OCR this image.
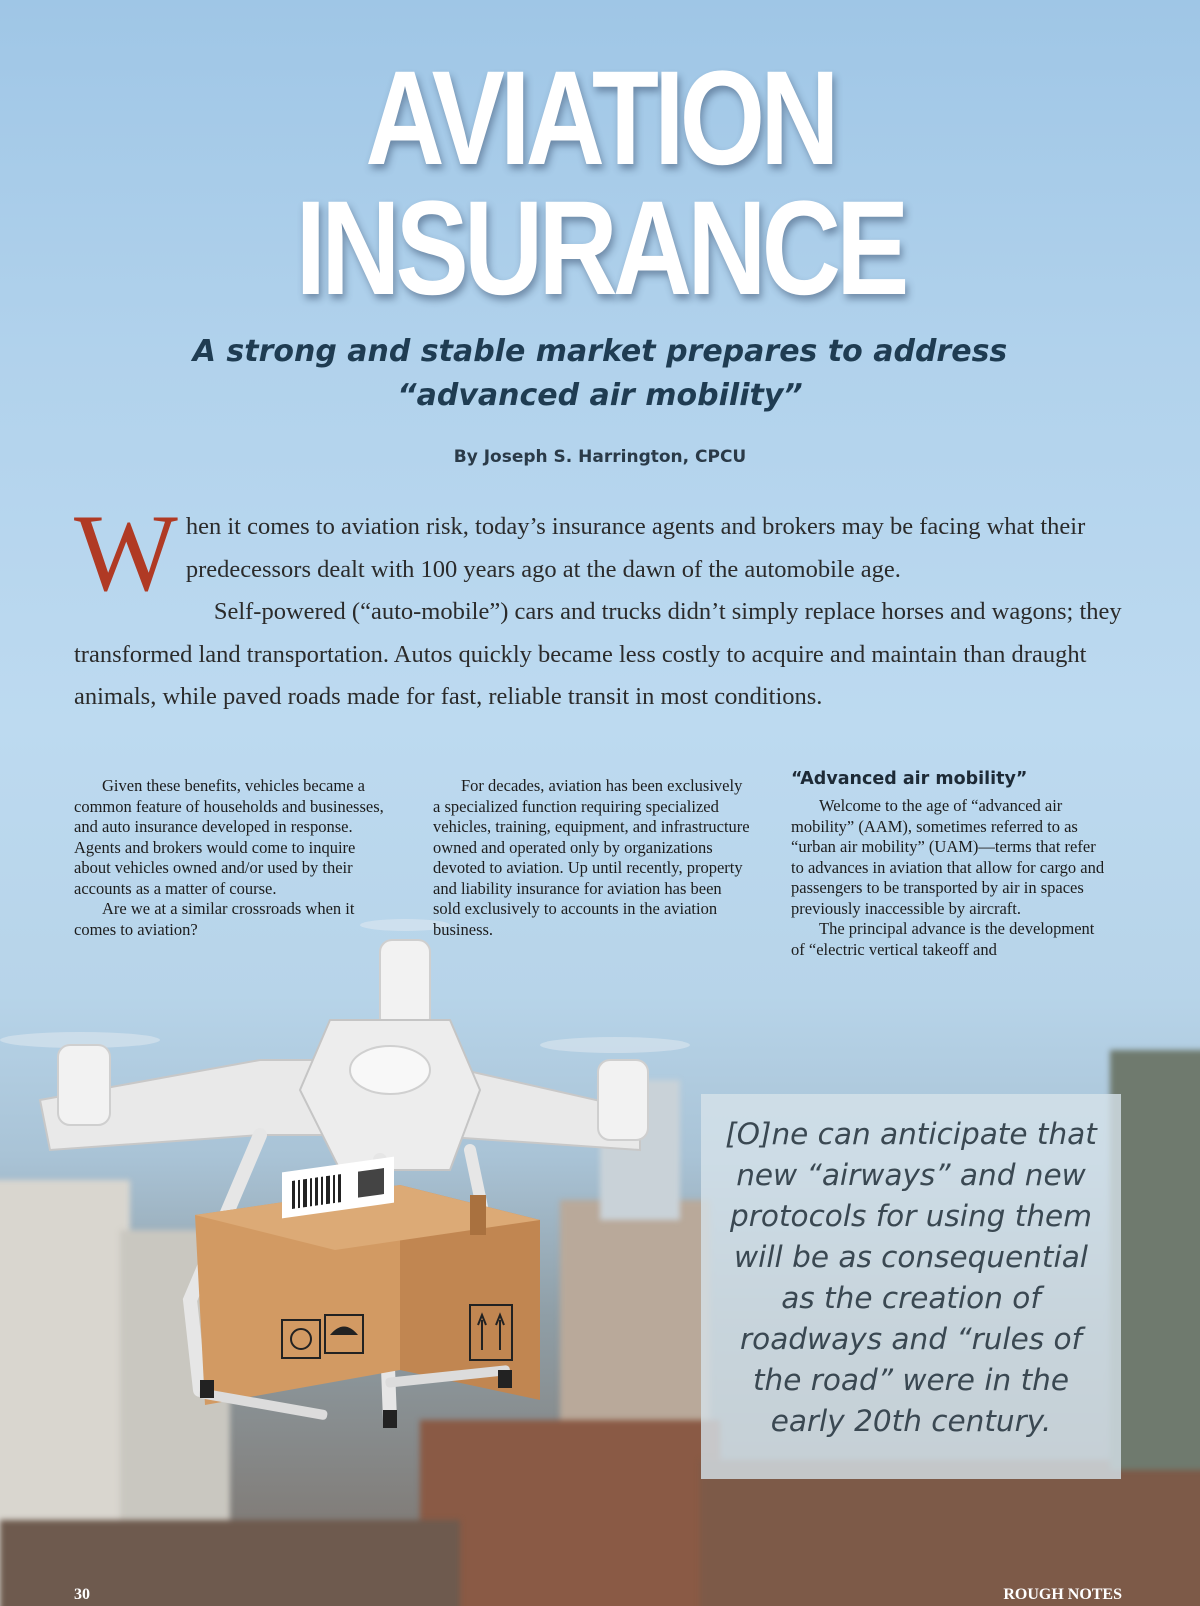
AVIATION
INSURANCE
A strong and stable market prepares to address “advanced air mobility”
By Joseph S. Harrington, CPCU

When it comes to aviation risk, today’s insurance agents and brokers may be facing what their predecessors dealt with 100 years ago at the dawn of the automobile age.

Self-powered (“auto-mobile”) cars and trucks didn’t simply replace horses and wagons; they transformed land transportation. Autos quickly became less costly to acquire and maintain than draught animals, while paved roads made for fast, reliable transit in most conditions.

Given these benefits, vehicles became a common feature of households and businesses, and auto insurance developed in response. Agents and brokers would come to inquire about vehicles owned and/or used by their accounts as a matter of course.

Are we at a similar crossroads when it comes to aviation?

For decades, aviation has been exclusively a specialized function requiring specialized vehicles, training, equipment, and infrastructure owned and operated only by organizations devoted to aviation. Up until recently, property and liability insurance for aviation has been sold exclusively to accounts in the aviation business.

“Advanced air mobility”

Welcome to the age of “advanced air mobility” (AAM), sometimes referred to as “urban air mobility” (UAM)—terms that refer to advances in aviation that allow for cargo and passengers to be transported by air in spaces previously inaccessible by aircraft.

The principal advance is the development of “electric vertical takeoff and

[O]ne can anticipate that new “airways” and new protocols for using them will be as consequential as the creation of roadways and “rules of the road” were in the early 20th century.
30	ROUGH NOTES
